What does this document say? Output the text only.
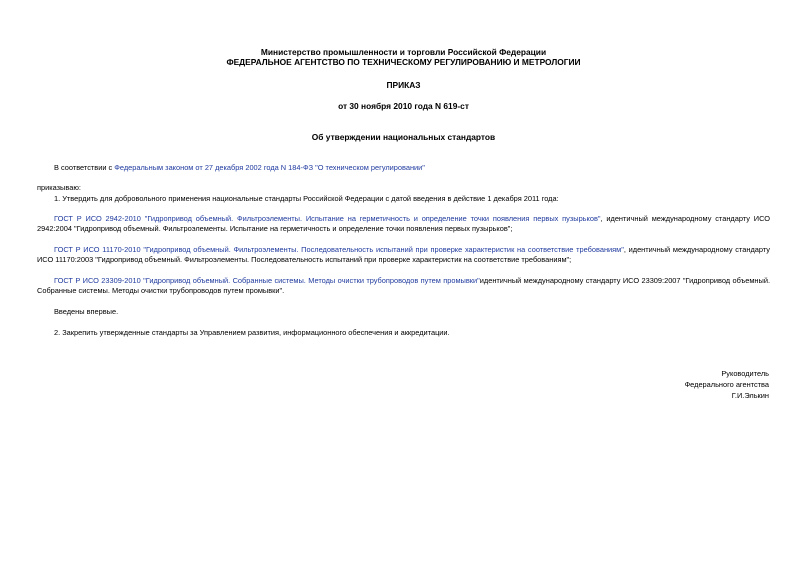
Министерство промышленности и торговли Российской Федерации
ФЕДЕРАЛЬНОЕ АГЕНТСТВО ПО ТЕХНИЧЕСКОМУ РЕГУЛИРОВАНИЮ И МЕТРОЛОГИИ
ПРИКАЗ
от 30 ноября 2010 года N 619-ст
Об утверждении национальных стандартов
В соответствии с Федеральным законом от 27 декабря 2002 года N 184-ФЗ "О техническом регулировании"
приказываю:
1. Утвердить для добровольного применения национальные стандарты Российской Федерации с датой введения в действие 1 декабря 2011 года:
ГОСТ Р ИСО 2942-2010 "Гидропривод объемный. Фильтроэлементы. Испытание на герметичность и определение точки появления первых пузырьков", идентичный международному стандарту ИСО 2942:2004 "Гидропривод объемный. Фильтроэлементы. Испытание на герметичность и определение точки появления первых пузырьков";
ГОСТ Р ИСО 11170-2010 "Гидропривод объемный. Фильтроэлементы. Последовательность испытаний при проверке характеристик на соответствие требованиям", идентичный международному стандарту ИСО 11170:2003 "Гидропривод объемный. Фильтроэлементы. Последовательность испытаний при проверке характеристик на соответствие требованиям";
ГОСТ Р ИСО 23309-2010 "Гидропривод объемный. Собранные системы. Методы очистки трубопроводов путем промывки"идентичный международному стандарту ИСО 23309:2007 "Гидропривод объемный. Собранные системы. Методы очистки трубопроводов путем промывки".
Введены впервые.
2. Закрепить утвержденные стандарты за Управлением развития, информационного обеспечения и аккредитации.
Руководитель
Федерального агентства
Г.И.Элькин
